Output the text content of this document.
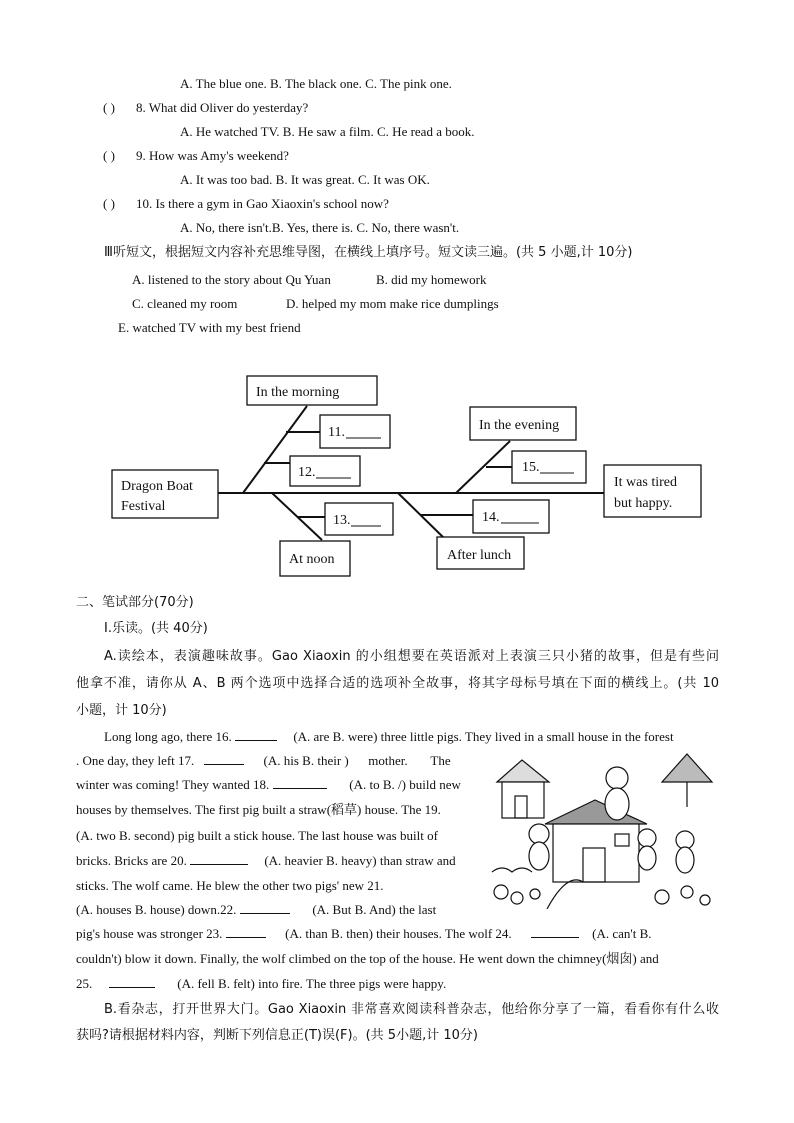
A. The blue one. B. The black one. C. The pink one.
( ) 8. What did Oliver do yesterday?
A. He watched TV. B. He saw a film. C. He read a book.
( ) 9. How was Amy's weekend?
A. It was too bad. B. It was great. C. It was OK.
( ) 10. Is there a gym in Gao Xiaoxin's school now?
A. No, there isn't.B. Yes, there is. C. No, there wasn't.
Ⅲ听短文，根据短文内容补充思维导图，在横线上填序号。短文读三遍。(共 5 小题,计 10分)
A. listened to the story about Qu Yuan	B. did my homework
C. cleaned my room	D. helped my mom make rice dumplings
E. watched TV with my best friend
Dragon Boat
Festival
It was tired
but happy.
In the morning
In the evening
At noon	After lunch
11.
12.	15.
13.	14.
二、笔试部分(70分)
Ⅰ.乐读。(共 40分)
A.读绘本，表演趣味故事。Gao Xiaoxin 的小组想要在英语派对上表演三只小猪的故事，但是有些问
他拿不准，请你从 A、B 两个选项中选择合适的选项补全故事，将其字母标号填在下面的横线上。(共 10
小题，计 10分)
Long long ago, there 16.	(A. are B. were) three little pigs. They lived in a small house in the forest
. One day, they left 17.	(A. his B. their ) mother. The
winter was coming! They wanted 18.	(A. to B. /) build new
houses by themselves. The first pig built a straw(稻草) house. The 19.
(A. two B. second) pig built a stick house. The last house was built of
bricks. Bricks are 20.	(A. heavier B. heavy) than straw and
sticks. The wolf came. He blew the other two pigs' new 21.
(A. houses B. house) down.22.	(A. But B. And) the last
pig's house was stronger 23.	(A. than B. then) their houses. The wolf 24.	(A. can't B.
couldn't) blow it down. Finally, the wolf climbed on the top of the house. He went down the chimney(烟囱) and
25.	(A. fell B. felt) into fire. The three pigs were happy.
B.看杂志，打开世界大门。Gao Xiaoxin 非常喜欢阅读科普杂志，他给你分享了一篇，看看你有什么收
获吗?请根据材料内容，判断下列信息正(T)误(F)。(共 5小题,计 10分)
